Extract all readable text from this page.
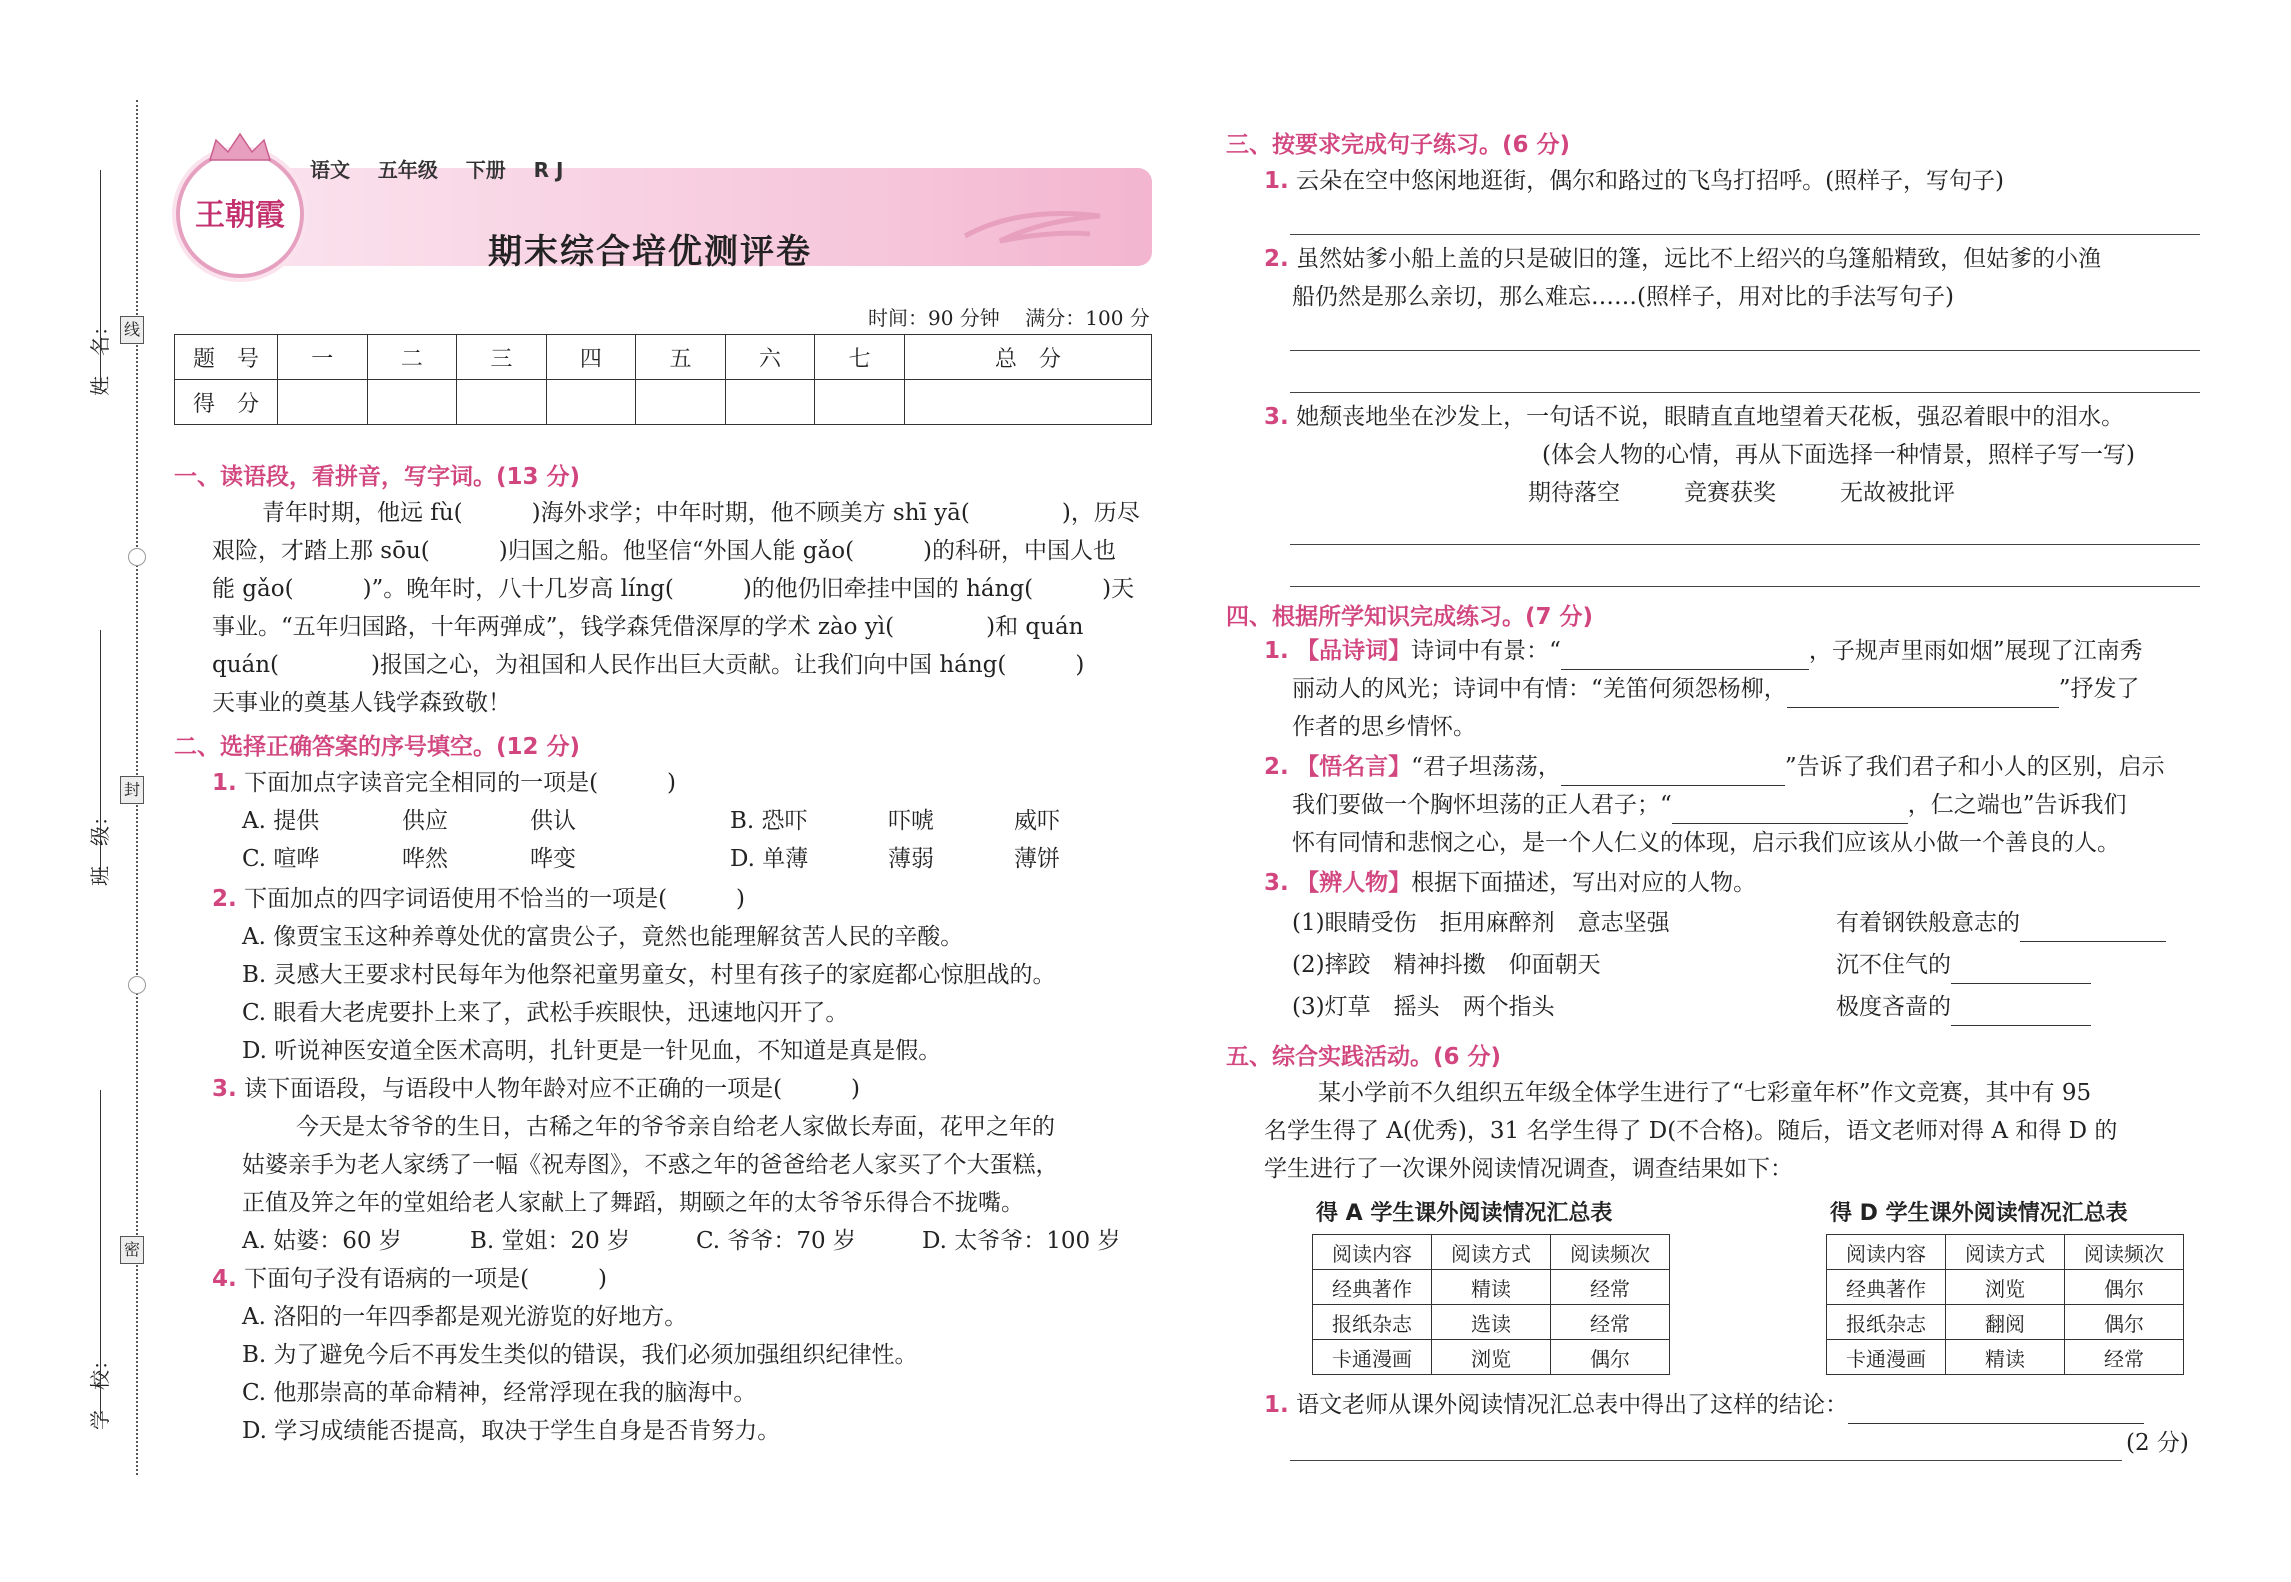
线
封
密
姓　名：
班　级：
学　校：
王朝霞
语文 五年级 下册 R J
期末综合培优测评卷
时间：90 分钟 满分：100 分
题　号	一	二	三	四	五	六	七	总　分
得　分								
一、读语段，看拼音，写字词。(13 分)
青年时期，他远 fù(　　　)海外求学；中年时期，他不顾美方 shī yā(　　　　)，历尽
艰险，才踏上那 sōu(　　　)归国之船。他坚信“外国人能 gǎo(　　　)的科研，中国人也
能 gǎo(　　　)”。晚年时，八十几岁高 líng(　　　)的他仍旧牵挂中国的 háng(　　　)天
事业。“五年归国路，十年两弹成”，钱学森凭借深厚的学术 zào yì(　　　　)和 quán
quán(　　　　)报国之心，为祖国和人民作出巨大贡献。让我们向中国 háng(　　　)
天事业的奠基人钱学森致敬！
二、选择正确答案的序号填空。(12 分)
1. 下面加点字读音完全相同的一项是(　　　)
A. 提供	供应	供认	B. 恐吓	吓唬	威吓
C. 喧哗	哗然	哗变	D. 单薄	薄弱	薄饼
2. 下面加点的四字词语使用不恰当的一项是(　　　)
A. 像贾宝玉这种养尊处优的富贵公子，竟然也能理解贫苦人民的辛酸。
B. 灵感大王要求村民每年为他祭祀童男童女，村里有孩子的家庭都心惊胆战的。
C. 眼看大老虎要扑上来了，武松手疾眼快，迅速地闪开了。
D. 听说神医安道全医术高明，扎针更是一针见血，不知道是真是假。
3. 读下面语段，与语段中人物年龄对应不正确的一项是(　　　)
今天是太爷爷的生日，古稀之年的爷爷亲自给老人家做长寿面，花甲之年的
姑婆亲手为老人家绣了一幅《祝寿图》，不惑之年的爸爸给老人家买了个大蛋糕，
正值及笄之年的堂姐给老人家献上了舞蹈，期颐之年的太爷爷乐得合不拢嘴。
A. 姑婆：60 岁	B. 堂姐：20 岁	C. 爷爷：70 岁	D. 太爷爷：100 岁
4. 下面句子没有语病的一项是(　　　)
A. 洛阳的一年四季都是观光游览的好地方。
B. 为了避免今后不再发生类似的错误，我们必须加强组织纪律性。
C. 他那崇高的革命精神，经常浮现在我的脑海中。
D. 学习成绩能否提高，取决于学生自身是否肯努力。
三、按要求完成句子练习。(6 分)
1. 云朵在空中悠闲地逛街，偶尔和路过的飞鸟打招呼。(照样子，写句子)
2. 虽然姑爹小船上盖的只是破旧的篷，远比不上绍兴的乌篷船精致，但姑爹的小渔
船仍然是那么亲切，那么难忘……(照样子，用对比的手法写句子)
3. 她颓丧地坐在沙发上，一句话不说，眼睛直直地望着天花板，强忍着眼中的泪水。
(体会人物的心情，再从下面选择一种情景，照样子写一写)
期待落空	竞赛获奖	无故被批评
四、根据所学知识完成练习。(7 分)
1. 【品诗词】诗词中有景：“	，子规声里雨如烟”展现了江南秀
丽动人的风光；诗词中有情：“羌笛何须怨杨柳，	”抒发了
作者的思乡情怀。
2. 【悟名言】“君子坦荡荡，	”告诉了我们君子和小人的区别，启示
我们要做一个胸怀坦荡的正人君子；“	，仁之端也”告诉我们
怀有同情和悲悯之心，是一个人仁义的体现，启示我们应该从小做一个善良的人。
3. 【辨人物】根据下面描述，写出对应的人物。
(1)眼睛受伤　拒用麻醉剂　意志坚强	有着钢铁般意志的
(2)摔跤　精神抖擞　仰面朝天	沉不住气的
(3)灯草　摇头　两个指头	极度吝啬的
五、综合实践活动。(6 分)
某小学前不久组织五年级全体学生进行了“七彩童年杯”作文竞赛，其中有 95
名学生得了 A(优秀)，31 名学生得了 D(不合格)。随后，语文老师对得 A 和得 D 的
学生进行了一次课外阅读情况调查，调查结果如下：
得 A 学生课外阅读情况汇总表
阅读内容	阅读方式	阅读频次
经典著作	精读	经常
报纸杂志	选读	经常
卡通漫画	浏览	偶尔
得 D 学生课外阅读情况汇总表
阅读内容	阅读方式	阅读频次
经典著作	浏览	偶尔
报纸杂志	翻阅	偶尔
卡通漫画	精读	经常
1. 语文老师从课外阅读情况汇总表中得出了这样的结论：
(2 分)
